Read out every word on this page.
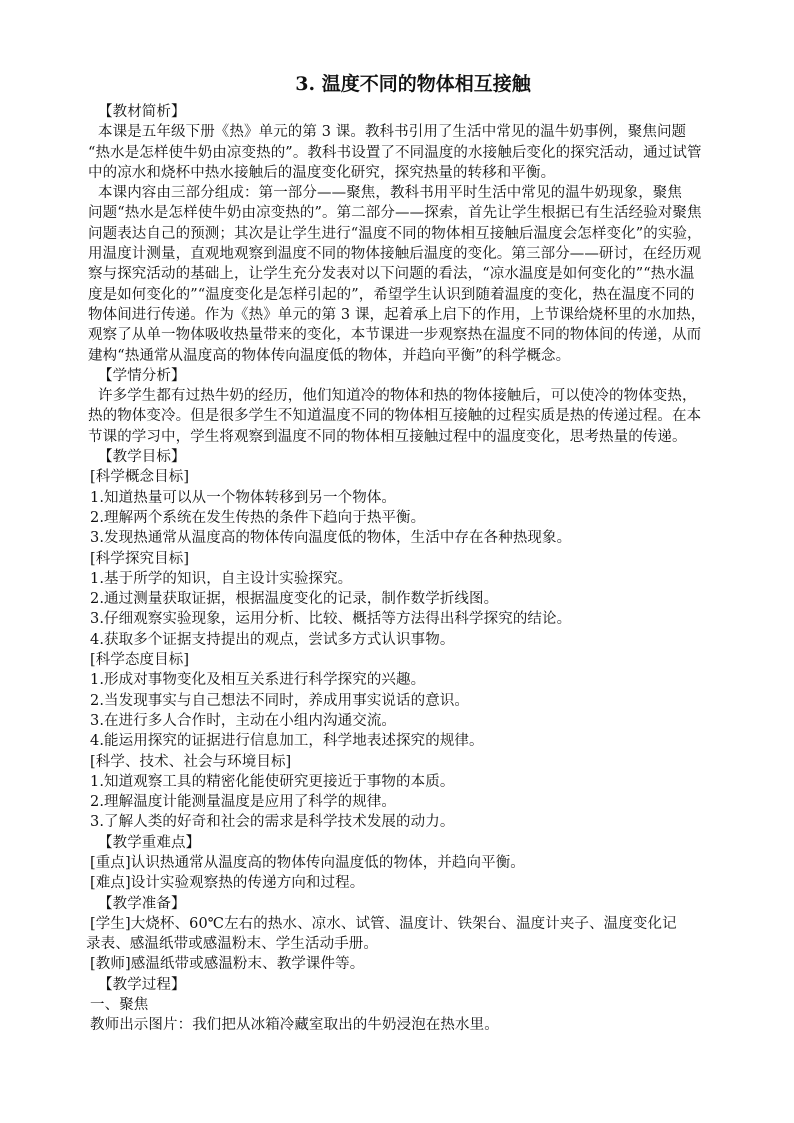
3. 温度不同的物体相互接触
【教材简析】
本课是五年级下册《热》单元的第 3 课。教科书引用了生活中常见的温牛奶事例，聚焦问题
“热水是怎样使牛奶由凉变热的”。教科书设置了不同温度的水接触后变化的探究活动，通过试管
中的凉水和烧杯中热水接触后的温度变化研究，探究热量的转移和平衡。
本课内容由三部分组成：第一部分——聚焦，教科书用平时生活中常见的温牛奶现象，聚焦
问题“热水是怎样使牛奶由凉变热的”。第二部分——探索，首先让学生根据已有生活经验对聚焦
问题表达自己的预测；其次是让学生进行“温度不同的物体相互接触后温度会怎样变化”的实验，
用温度计测量，直观地观察到温度不同的物体接触后温度的变化。第三部分——研讨，在经历观
察与探究活动的基础上，让学生充分发表对以下问题的看法，“凉水温度是如何变化的”“热水温
度是如何变化的”“温度变化是怎样引起的”，希望学生认识到随着温度的变化，热在温度不同的
物体间进行传递。作为《热》单元的第 3 课，起着承上启下的作用，上节课给烧杯里的水加热，
观察了从单一物体吸收热量带来的变化，本节课进一步观察热在温度不同的物体间的传递，从而
建构“热通常从温度高的物体传向温度低的物体，并趋向平衡”的科学概念。
【学情分析】
许多学生都有过热牛奶的经历，他们知道冷的物体和热的物体接触后，可以使冷的物体变热，
热的物体变冷。但是很多学生不知道温度不同的物体相互接触的过程实质是热的传递过程。在本
节课的学习中，学生将观察到温度不同的物体相互接触过程中的温度变化，思考热量的传递。
【教学目标】
[科学概念目标]
1.知道热量可以从一个物体转移到另一个物体。
2.理解两个系统在发生传热的条件下趋向于热平衡。
3.发现热通常从温度高的物体传向温度低的物体，生活中存在各种热现象。
[科学探究目标]
1.基于所学的知识，自主设计实验探究。
2.通过测量获取证据，根据温度变化的记录，制作数学折线图。
3.仔细观察实验现象，运用分析、比较、概括等方法得出科学探究的结论。
4.获取多个证据支持提出的观点，尝试多方式认识事物。
[科学态度目标]
1.形成对事物变化及相互关系进行科学探究的兴趣。
2.当发现事实与自己想法不同时，养成用事实说话的意识。
3.在进行多人合作时，主动在小组内沟通交流。
4.能运用探究的证据进行信息加工，科学地表述探究的规律。
[科学、技术、社会与环境目标]
1.知道观察工具的精密化能使研究更接近于事物的本质。
2.理解温度计能测量温度是应用了科学的规律。
3.了解人类的好奇和社会的需求是科学技术发展的动力。
【教学重难点】
[重点]认识热通常从温度高的物体传向温度低的物体，并趋向平衡。
[难点]设计实验观察热的传递方向和过程。
【教学准备】
[学生]大烧杯、60℃左右的热水、凉水、试管、温度计、铁架台、温度计夹子、温度变化记
录表、感温纸带或感温粉末、学生活动手册。
[教师]感温纸带或感温粉末、教学课件等。
【教学过程】
一、聚焦
教师出示图片：我们把从冰箱冷藏室取出的牛奶浸泡在热水里。
